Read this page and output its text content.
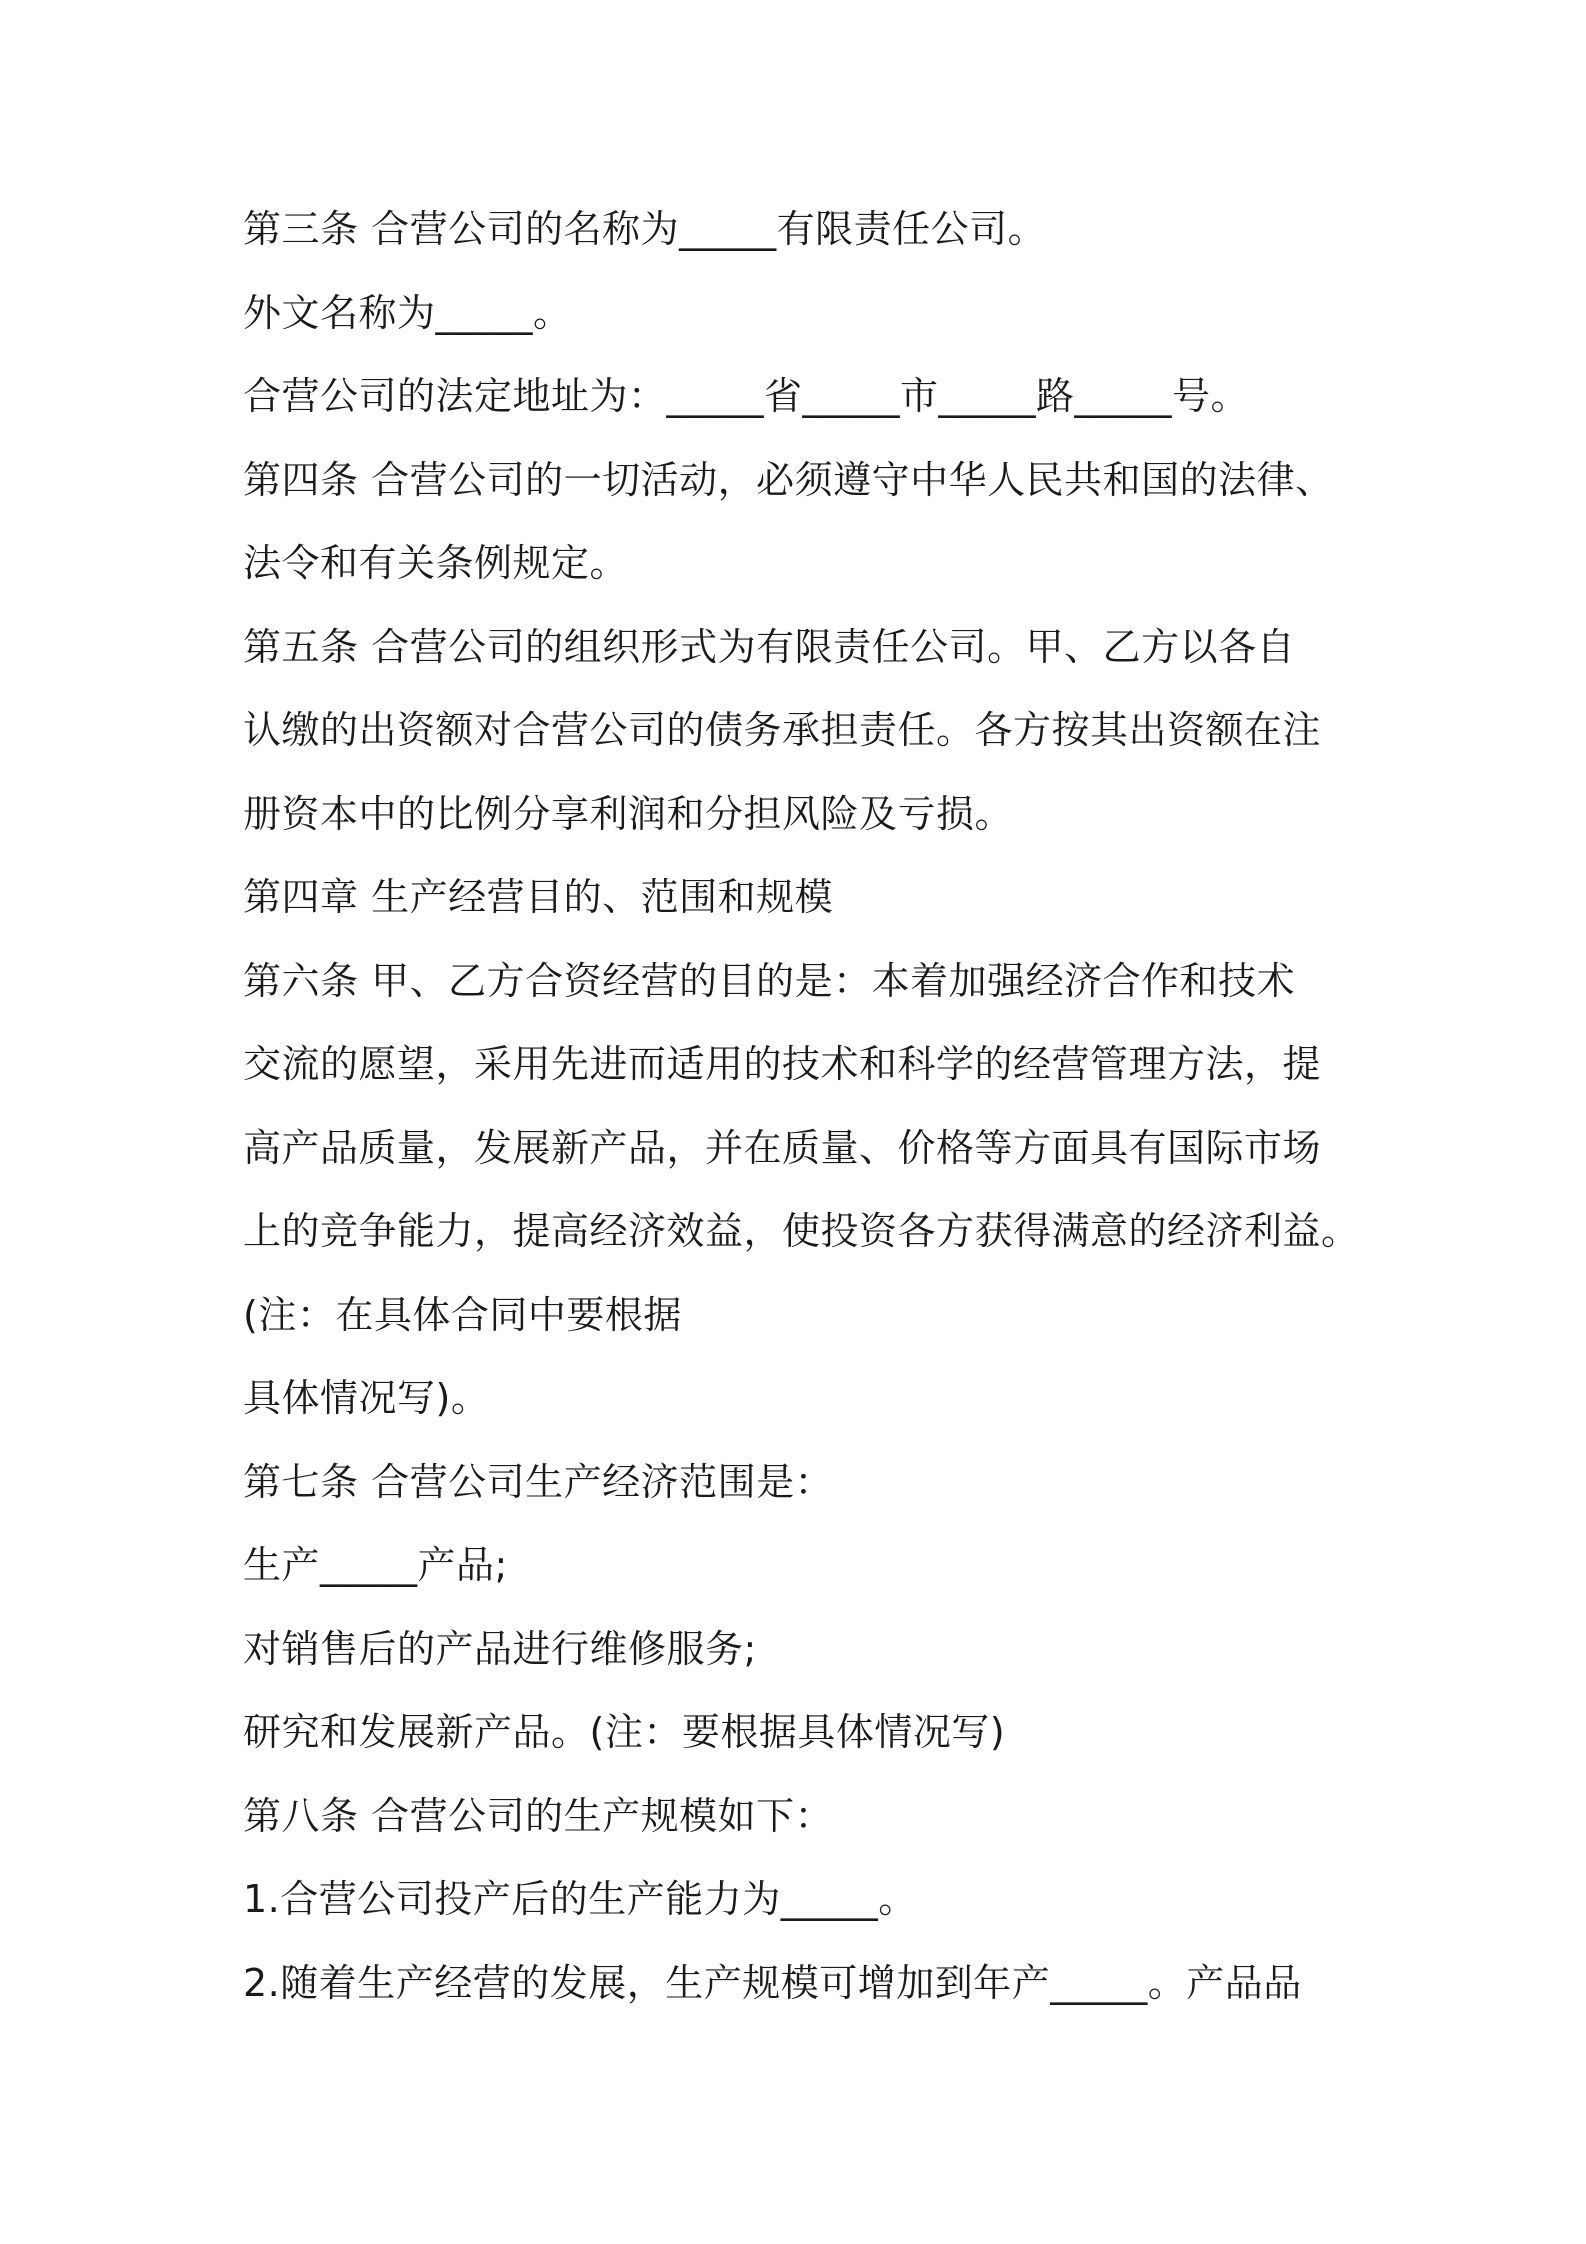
第三条 合营公司的名称为_____有限责任公司。
外文名称为_____。
合营公司的法定地址为：_____省_____市_____路_____号。
第四条 合营公司的一切活动，必须遵守中华人民共和国的法律、
法令和有关条例规定。
第五条 合营公司的组织形式为有限责任公司。甲、乙方以各自
认缴的出资额对合营公司的债务承担责任。各方按其出资额在注
册资本中的比例分享利润和分担风险及亏损。
第四章 生产经营目的、范围和规模
第六条 甲、乙方合资经营的目的是：本着加强经济合作和技术
交流的愿望，采用先进而适用的技术和科学的经营管理方法，提
高产品质量，发展新产品，并在质量、价格等方面具有国际市场
上的竞争能力，提高经济效益，使投资各方获得满意的经济利益。
(注：在具体合同中要根据
具体情况写)。
第七条 合营公司生产经济范围是：
生产_____产品;
对销售后的产品进行维修服务;
研究和发展新产品。(注：要根据具体情况写)
第八条 合营公司的生产规模如下：
1.合营公司投产后的生产能力为_____。
2.随着生产经营的发展，生产规模可增加到年产_____。产品品
